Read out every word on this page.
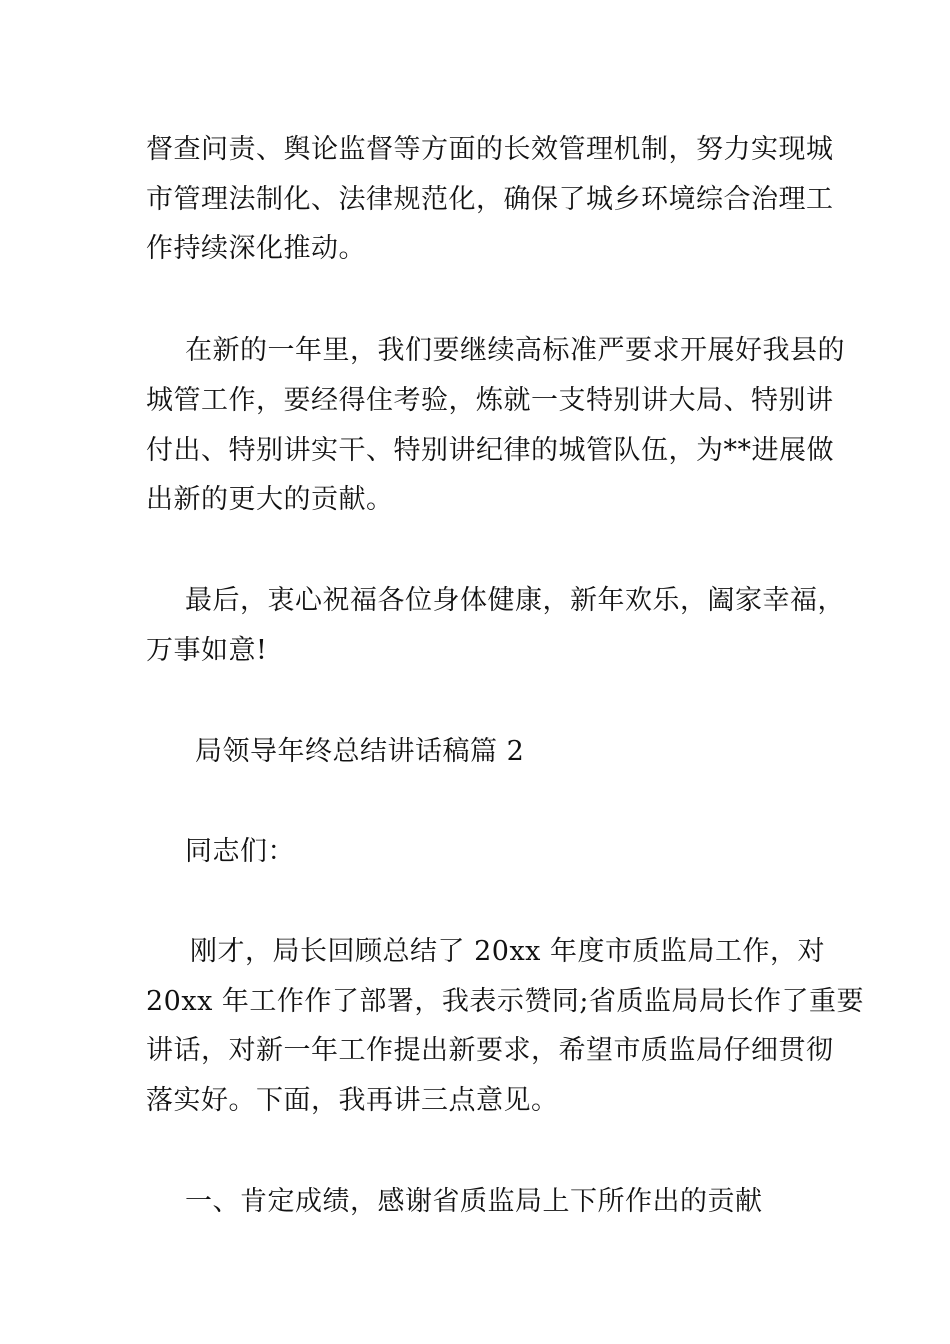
督查问责、舆论监督等方面的长效管理机制，努力实现城
市管理法制化、法律规范化，确保了城乡环境综合治理工
作持续深化推动。
在新的一年里，我们要继续高标准严要求开展好我县的
城管工作，要经得住考验，炼就一支特别讲大局、特别讲
付出、特别讲实干、特别讲纪律的城管队伍，为**进展做
出新的更大的贡献。
最后，衷心祝福各位身体健康，新年欢乐，阖家幸福，
万事如意!
局领导年终总结讲话稿篇 2
同志们：
刚才，局长回顾总结了 20xx 年度市质监局工作，对
20xx 年工作作了部署，我表示赞同;省质监局局长作了重要
讲话，对新一年工作提出新要求，希望市质监局仔细贯彻
落实好。下面，我再讲三点意见。
一、肯定成绩，感谢省质监局上下所作出的贡献
